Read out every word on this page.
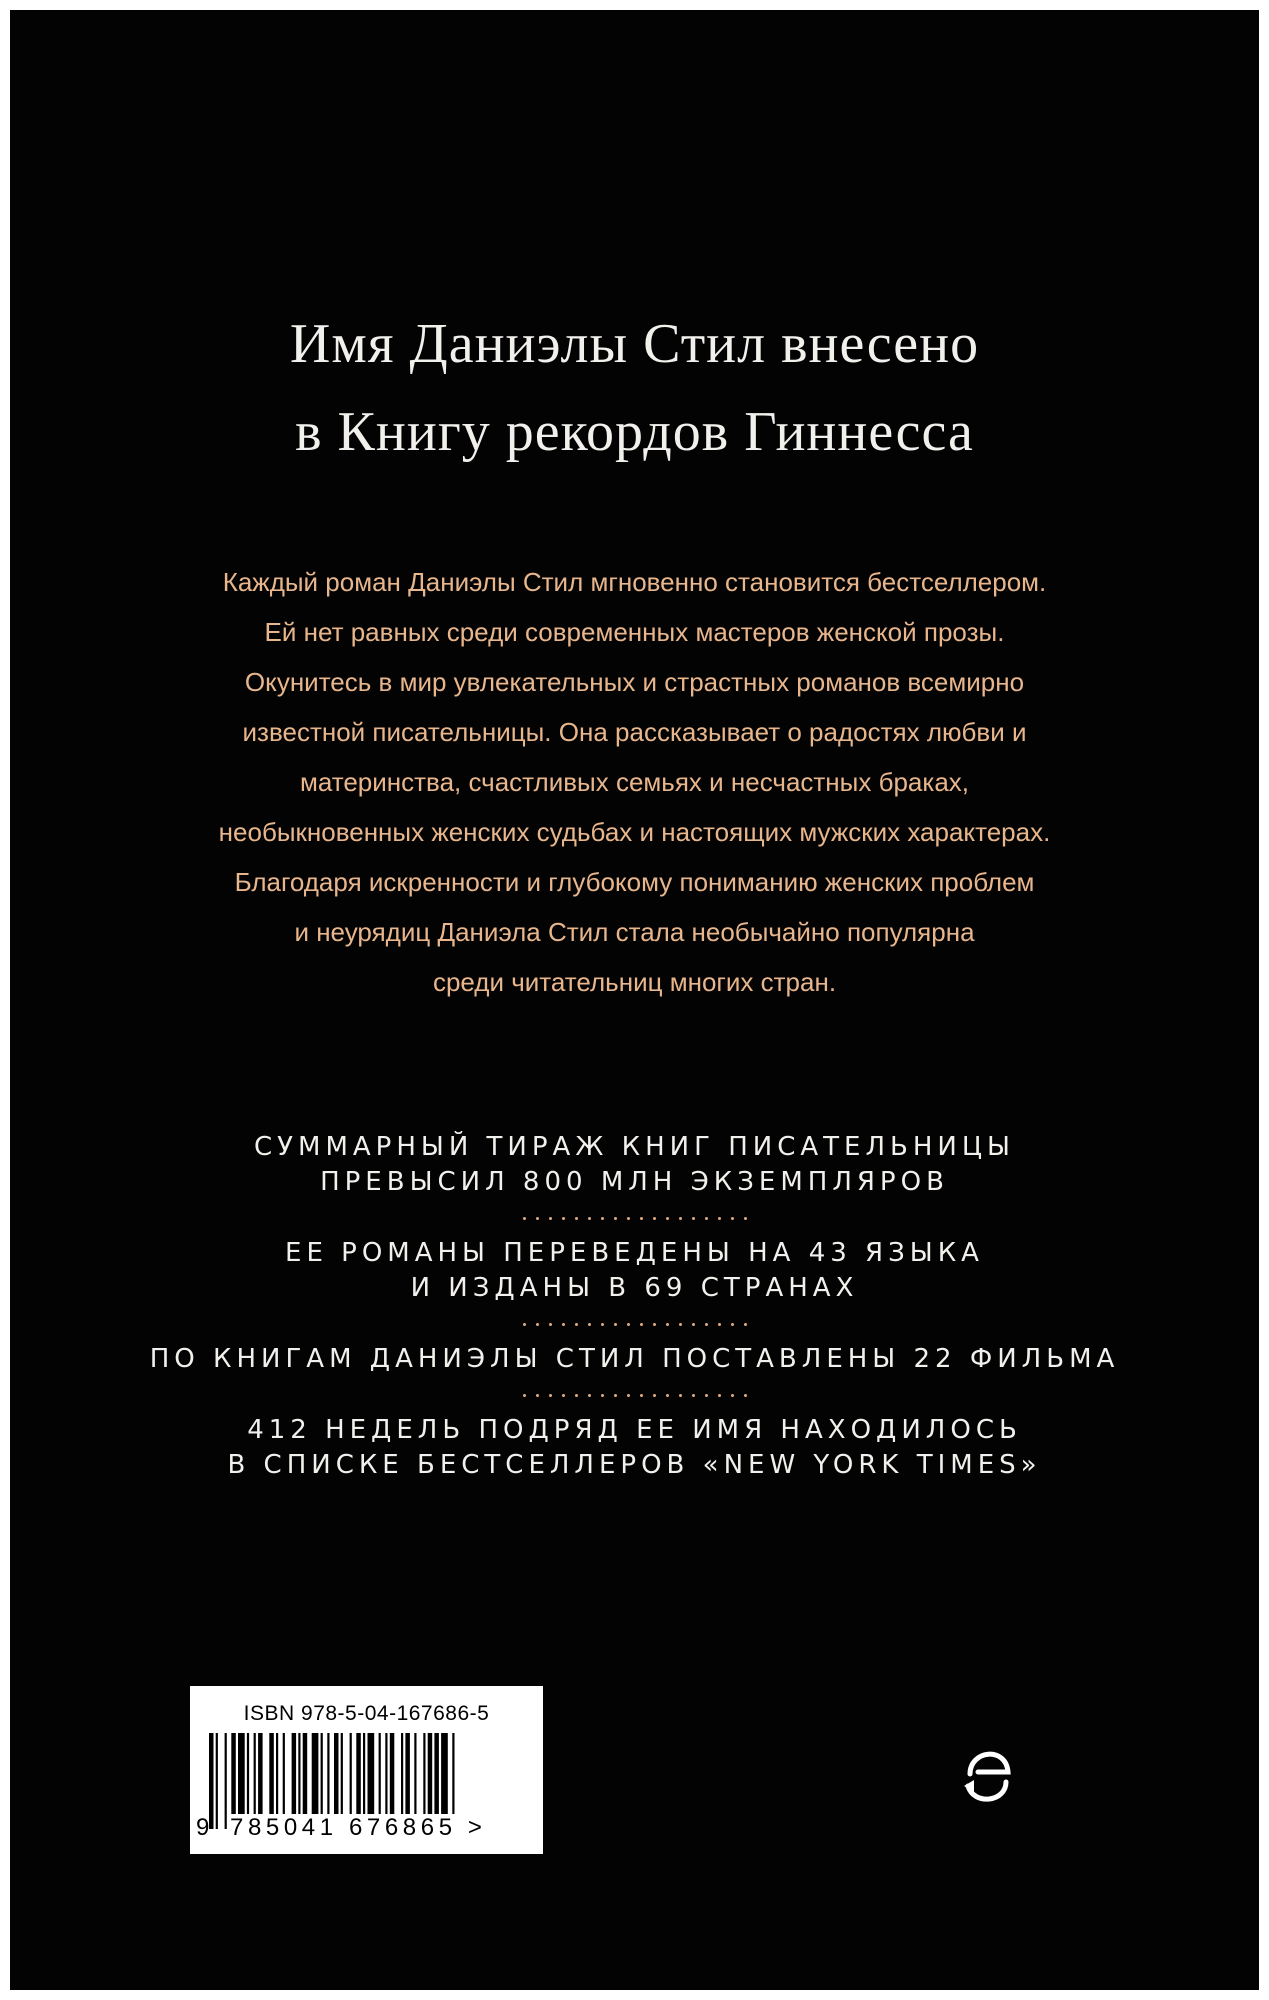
Имя Даниэлы Стил внесено
в Книгу рекордов Гиннесса
Каждый роман Даниэлы Стил мгновенно становится бестселлером.
Ей нет равных среди современных мастеров женской прозы.
Окунитесь в мир увлекательных и страстных романов всемирно
известной писательницы. Она рассказывает о радостях любви и
материнства, счастливых семьях и несчастных браках,
необыкновенных женских судьбах и настоящих мужских характерах.
Благодаря искренности и глубокому пониманию женских проблем
и неурядиц Даниэла Стил стала необычайно популярна
среди читательниц многих стран.
СУММАРНЫЙ ТИРАЖ КНИГ ПИСАТЕЛЬНИЦЫ
ПРЕВЫСИЛ 800 МЛН ЭКЗЕМПЛЯРОВ
ЕЕ РОМАНЫ ПЕРЕВЕДЕНЫ НА 43 ЯЗЫКА
И ИЗДАНЫ В 69 СТРАНАХ
ПО КНИГАМ ДАНИЭЛЫ СТИЛ ПОСТАВЛЕНЫ 22 ФИЛЬМА
412 НЕДЕЛЬ ПОДРЯД ЕЕ ИМЯ НАХОДИЛОСЬ
В СПИСКЕ БЕСТСЕЛЛЕРОВ «NEW YORK TIMES»
ISBN 978-5-04-167686-5
9 785041 676865 >
